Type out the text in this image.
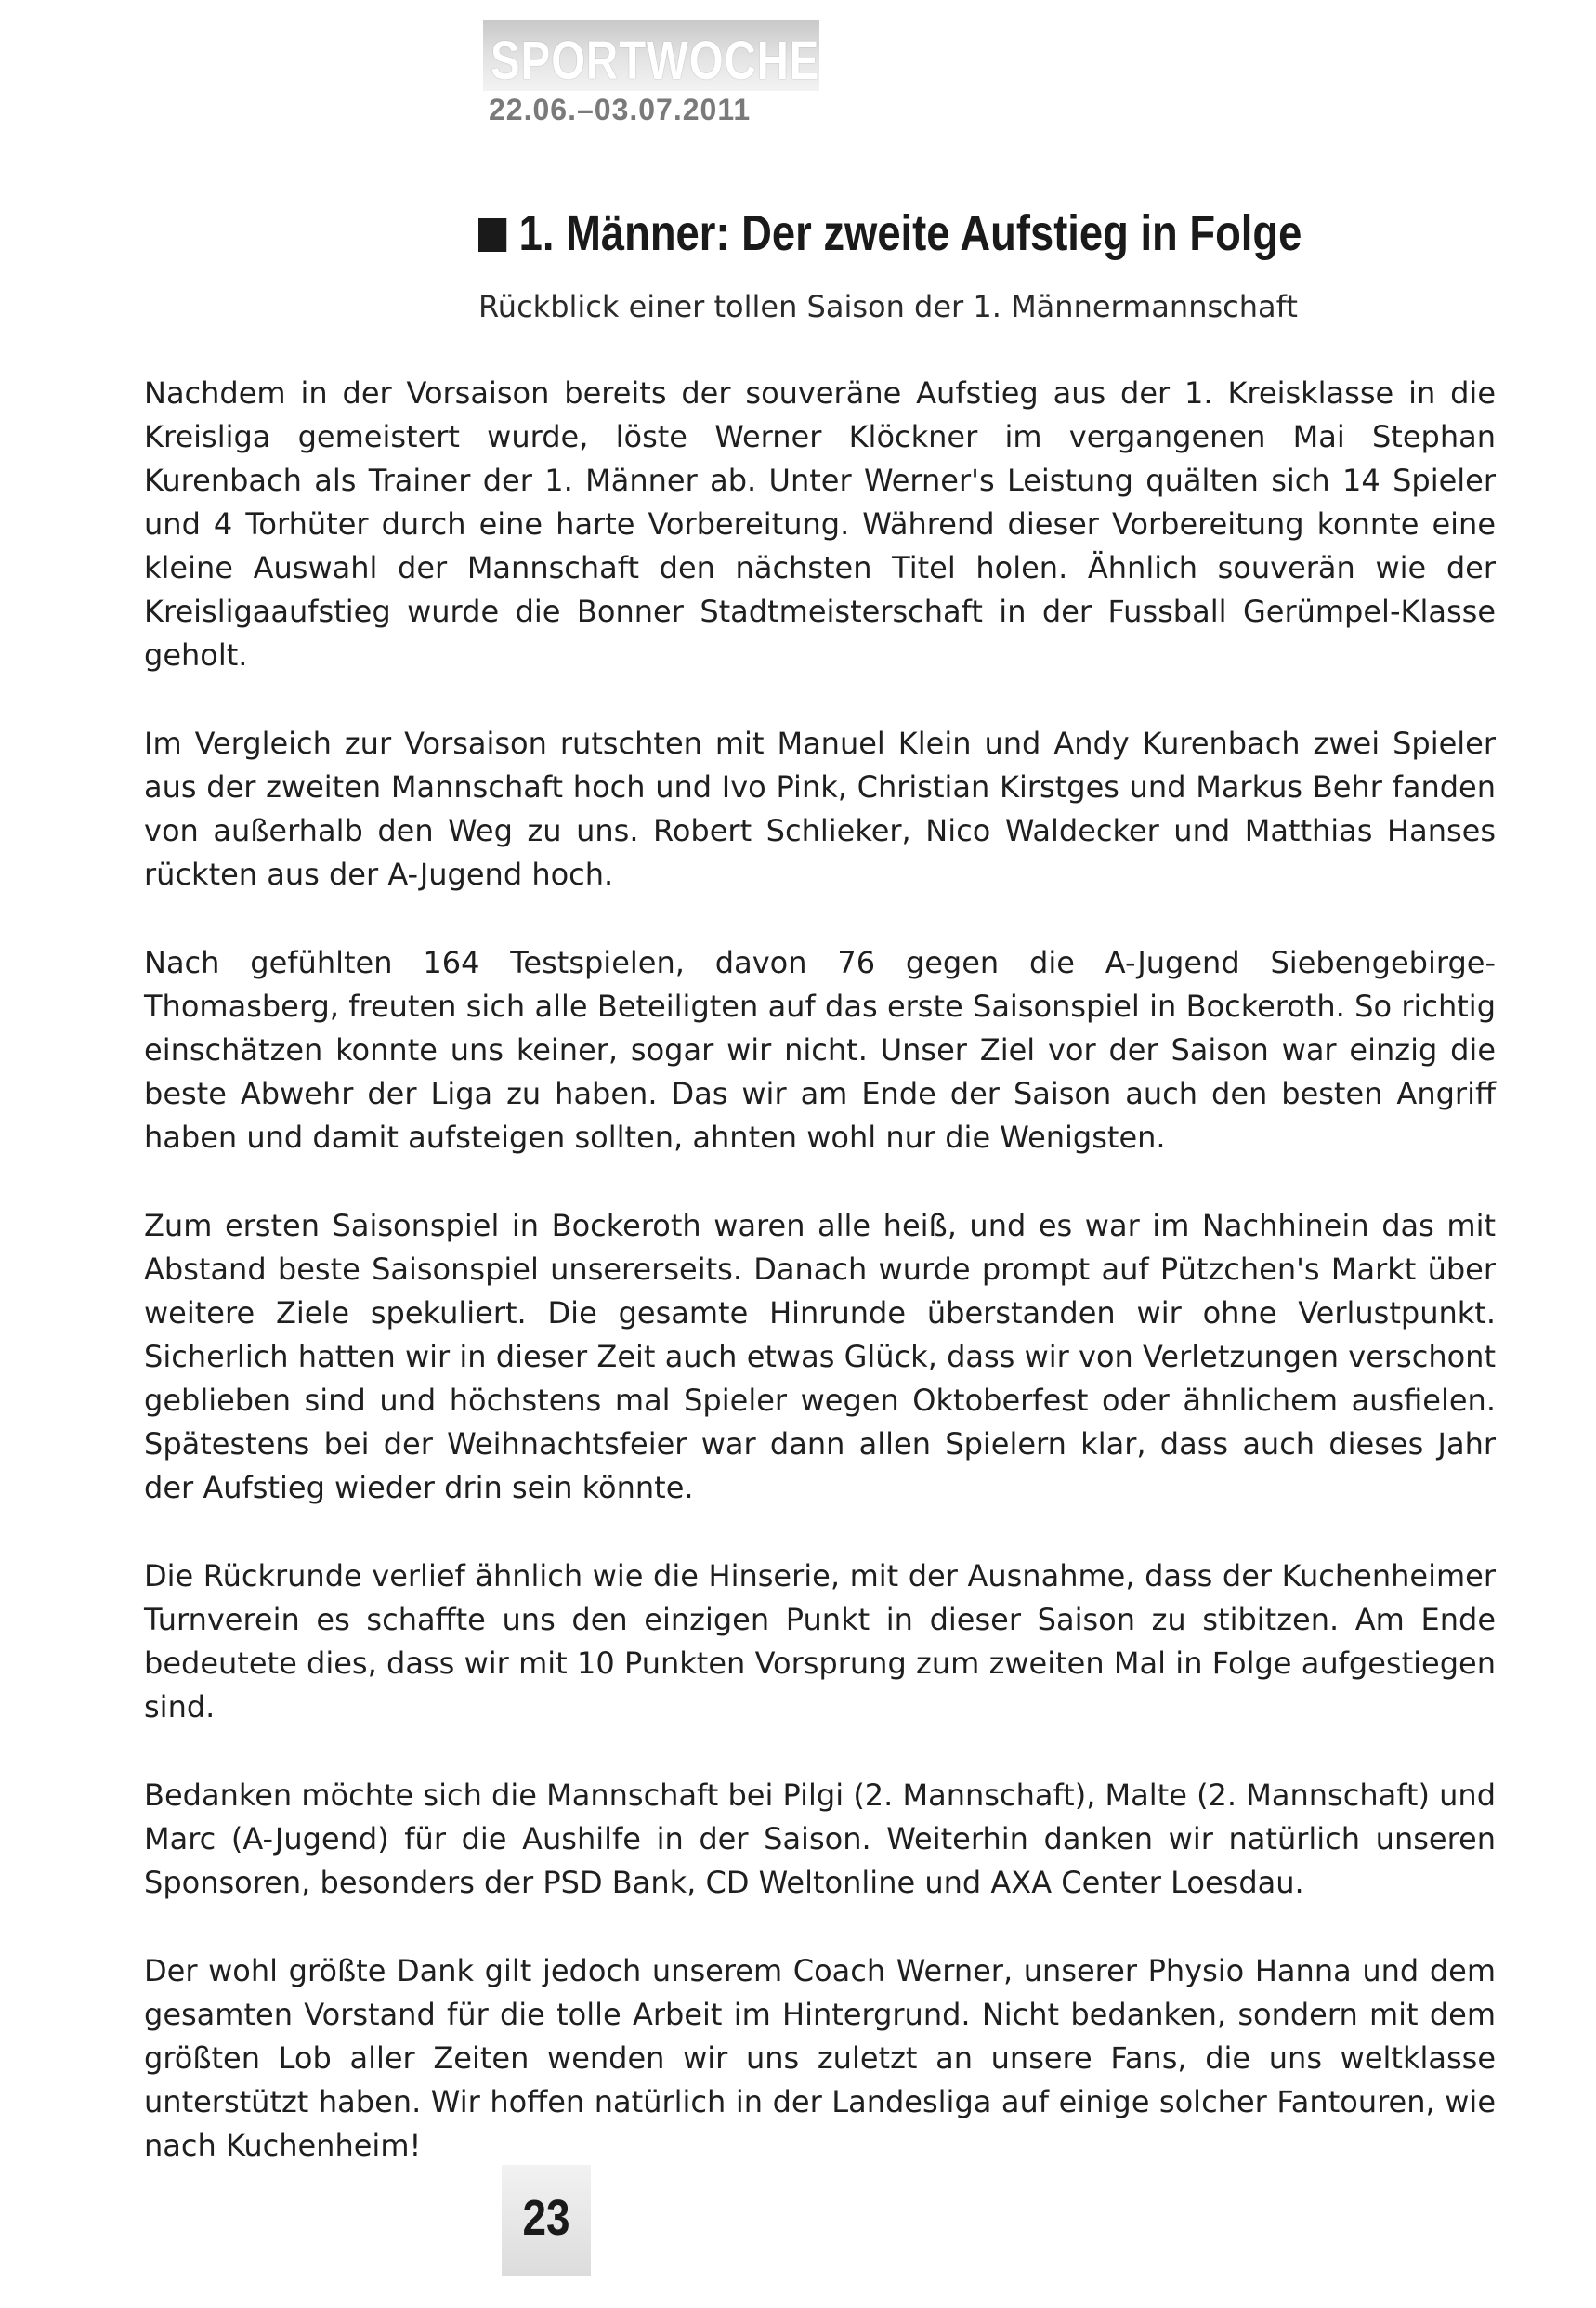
SPORTWOCHE
22.06.–03.07.2011
1. Männer: Der zweite Aufstieg in Folge
Rückblick einer tollen Saison der 1. Männermannschaft

Nachdem in der Vorsaison bereits der souveräne Aufstieg aus der 1. Kreisklasse in die Kreisliga gemeistert wurde, löste Werner Klöckner im vergangenen Mai Stephan Kurenbach als Trainer der 1. Männer ab. Unter Werner's Leistung quälten sich 14 Spieler und 4 Torhüter durch eine harte Vorbereitung. Während dieser Vorbereitung konnte eine kleine Auswahl der Mannschaft den nächsten Titel holen. Ähnlich souverän wie der Kreisligaaufstieg wurde die Bonner Stadtmeisterschaft in der Fussball Gerümpel-Klasse geholt.

Im Vergleich zur Vorsaison rutschten mit Manuel Klein und Andy Kurenbach zwei Spieler aus der zweiten Mannschaft hoch und Ivo Pink, Christian Kirstges und Markus Behr fanden von außerhalb den Weg zu uns. Robert Schlieker, Nico Waldecker und Matthias Hanses rückten aus der A-Jugend hoch.

Nach gefühlten 164 Testspielen, davon 76 gegen die A-Jugend Siebengebirge-Thomasberg, freuten sich alle Beteiligten auf das erste Saisonspiel in Bockeroth. So richtig einschätzen konnte uns keiner, sogar wir nicht. Unser Ziel vor der Saison war einzig die beste Abwehr der Liga zu haben. Das wir am Ende der Saison auch den besten Angriff haben und damit aufsteigen sollten, ahnten wohl nur die Wenigsten.

Zum ersten Saisonspiel in Bockeroth waren alle heiß, und es war im Nachhinein das mit Abstand beste Saisonspiel unsererseits. Danach wurde prompt auf Pützchen's Markt über weitere Ziele spekuliert. Die gesamte Hinrunde überstanden wir ohne Verlustpunkt. Sicherlich hatten wir in dieser Zeit auch etwas Glück, dass wir von Verletzungen verschont geblieben sind und höchstens mal Spieler wegen Oktoberfest oder ähnlichem ausfielen. Spätestens bei der Weihnachtsfeier war dann allen Spielern klar, dass auch dieses Jahr der Aufstieg wieder drin sein könnte.

Die Rückrunde verlief ähnlich wie die Hinserie, mit der Ausnahme, dass der Kuchenheimer Turnverein es schaffte uns den einzigen Punkt in dieser Saison zu stibitzen. Am Ende bedeutete dies, dass wir mit 10 Punkten Vorsprung zum zweiten Mal in Folge aufgestiegen sind.

Bedanken möchte sich die Mannschaft bei Pilgi (2. Mannschaft), Malte (2. Mannschaft) und Marc (A-Jugend) für die Aushilfe in der Saison. Weiterhin danken wir natürlich unseren Sponsoren, besonders der PSD Bank, CD Weltonline und AXA Center Loesdau.

Der wohl größte Dank gilt jedoch unserem Coach Werner, unserer Physio Hanna und dem gesamten Vorstand für die tolle Arbeit im Hintergrund. Nicht bedanken, sondern mit dem größten Lob aller Zeiten wenden wir uns zuletzt an unsere Fans, die uns weltklasse unterstützt haben. Wir hoffen natürlich in der Landesliga auf einige solcher Fantouren, wie nach Kuchenheim!

23
